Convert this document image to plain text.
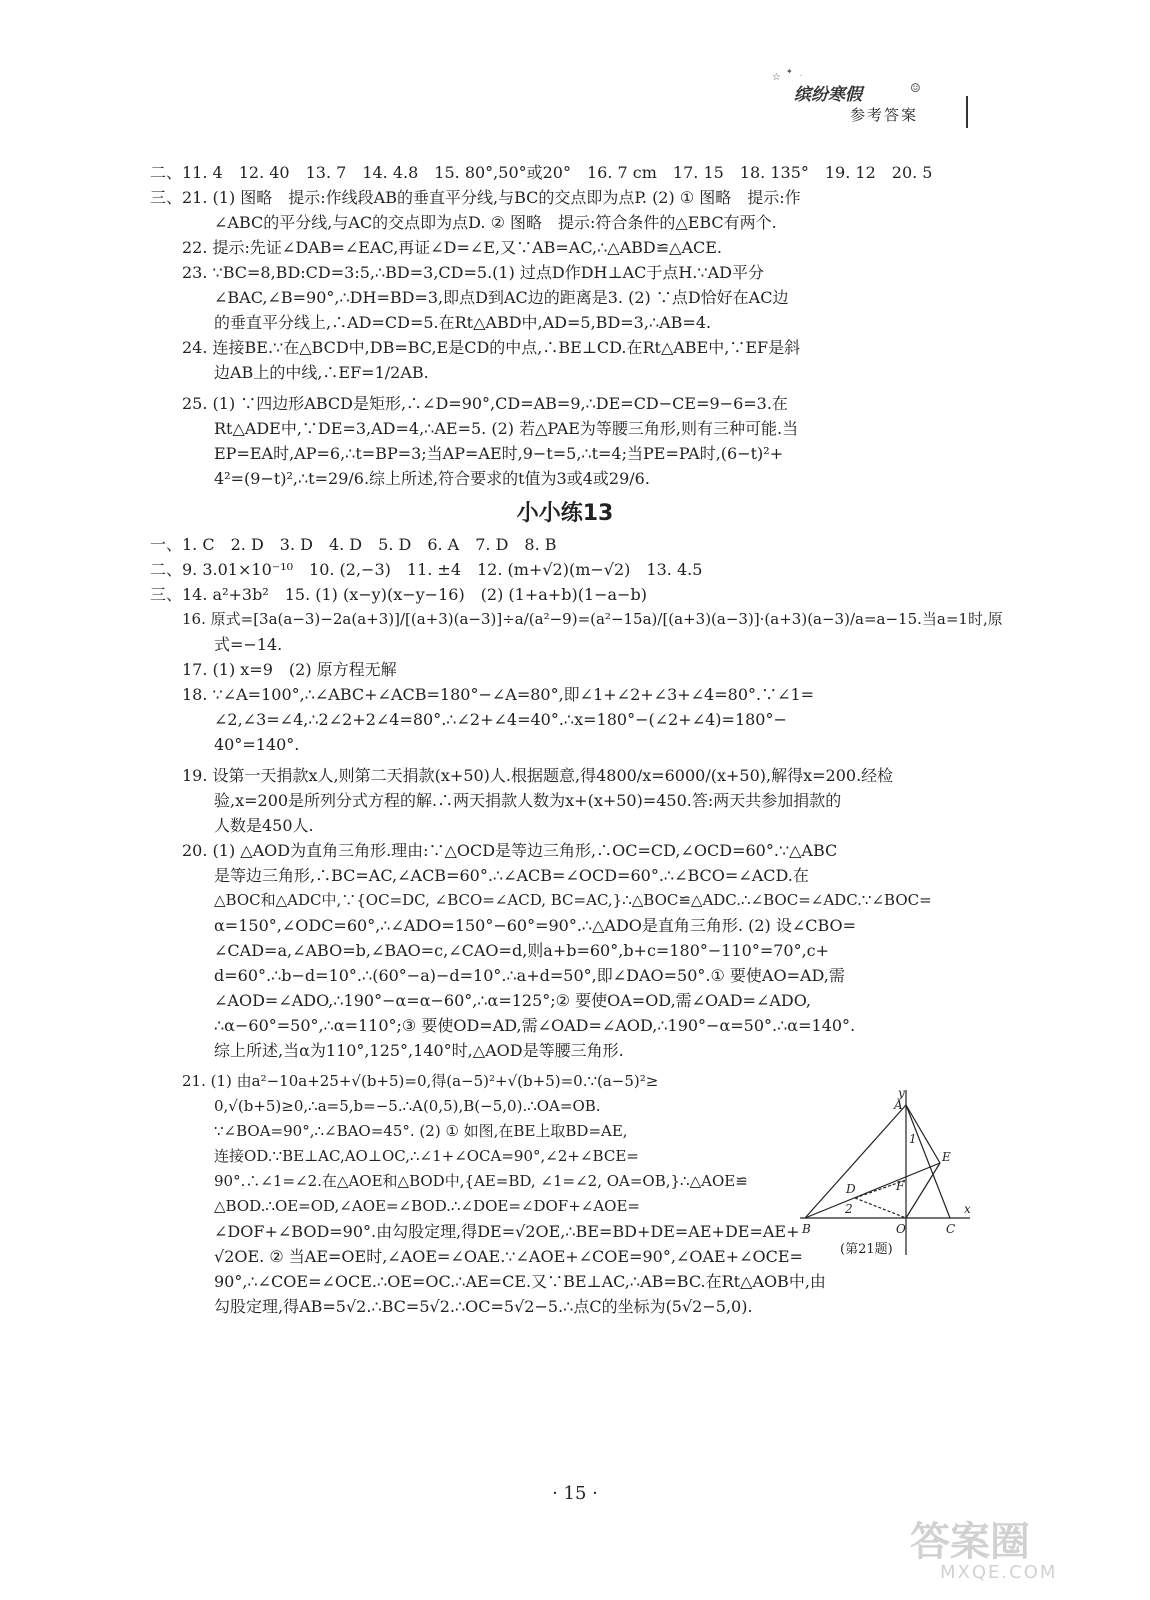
☆
✦
·
☺
缤纷寒假
参考答案
二、11. 4　12. 40　13. 7　14. 4.8　15. 80°,50°或20°　16. 7 cm　17. 15　18. 135°　19. 12　20. 5
三、21. (1) 图略　提示:作线段AB的垂直平分线,与BC的交点即为点P. (2) ① 图略　提示:作
∠ABC的平分线,与AC的交点即为点D. ② 图略　提示:符合条件的△EBC有两个.
22. 提示:先证∠DAB=∠EAC,再证∠D=∠E,又∵AB=AC,∴△ABD≌△ACE.
23. ∵BC=8,BD:CD=3:5,∴BD=3,CD=5.(1) 过点D作DH⊥AC于点H.∵AD平分
∠BAC,∠B=90°,∴DH=BD=3,即点D到AC边的距离是3. (2) ∵点D恰好在AC边
的垂直平分线上,∴AD=CD=5.在Rt△ABD中,AD=5,BD=3,∴AB=4.
24. 连接BE.∵在△BCD中,DB=BC,E是CD的中点,∴BE⊥CD.在Rt△ABE中,∵EF是斜
边AB上的中线,∴EF=1/2AB.
25. (1) ∵四边形ABCD是矩形,∴∠D=90°,CD=AB=9,∴DE=CD−CE=9−6=3.在
Rt△ADE中,∵DE=3,AD=4,∴AE=5. (2) 若△PAE为等腰三角形,则有三种可能.当
EP=EA时,AP=6,∴t=BP=3;当AP=AE时,9−t=5,∴t=4;当PE=PA时,(6−t)²+
4²=(9−t)²,∴t=29/6.综上所述,符合要求的t值为3或4或29/6.
小小练13
一、1. C　2. D　3. D　4. D　5. D　6. A　7. D　8. B
二、9. 3.01×10⁻¹⁰　10. (2,−3)　11. ±4　12. (m+√2)(m−√2)　13. 4.5
三、14. a²+3b²　15. (1) (x−y)(x−y−16)　(2) (1+a+b)(1−a−b)
16. 原式=[3a(a−3)−2a(a+3)]/[(a+3)(a−3)]÷a/(a²−9)=(a²−15a)/[(a+3)(a−3)]·(a+3)(a−3)/a=a−15.当a=1时,原
式=−14.
17. (1) x=9　(2) 原方程无解
18. ∵∠A=100°,∴∠ABC+∠ACB=180°−∠A=80°,即∠1+∠2+∠3+∠4=80°.∵∠1=
∠2,∠3=∠4,∴2∠2+2∠4=80°.∴∠2+∠4=40°.∴x=180°−(∠2+∠4)=180°−
40°=140°.
19. 设第一天捐款x人,则第二天捐款(x+50)人.根据题意,得4800/x=6000/(x+50),解得x=200.经检
验,x=200是所列分式方程的解.∴两天捐款人数为x+(x+50)=450.答:两天共参加捐款的
人数是450人.
20. (1) △AOD为直角三角形.理由:∵△OCD是等边三角形,∴OC=CD,∠OCD=60°.∵△ABC
是等边三角形,∴BC=AC,∠ACB=60°.∴∠ACB=∠OCD=60°.∴∠BCO=∠ACD.在
△BOC和△ADC中,∵{OC=DC, ∠BCO=∠ACD, BC=AC,}∴△BOC≌△ADC.∴∠BOC=∠ADC.∵∠BOC=
α=150°,∠ODC=60°,∴∠ADO=150°−60°=90°.∴△ADO是直角三角形. (2) 设∠CBO=
∠CAD=a,∠ABO=b,∠BAO=c,∠CAO=d,则a+b=60°,b+c=180°−110°=70°,c+
d=60°.∴b−d=10°.∴(60°−a)−d=10°.∴a+d=50°,即∠DAO=50°.① 要使AO=AD,需
∠AOD=∠ADO,∴190°−α=α−60°,∴α=125°;② 要使OA=OD,需∠OAD=∠ADO,
∴α−60°=50°,∴α=110°;③ 要使OD=AD,需∠OAD=∠AOD,∴190°−α=50°.∴α=140°.
综上所述,当α为110°,125°,140°时,△AOD是等腰三角形.
21. (1) 由a²−10a+25+√(b+5)=0,得(a−5)²+√(b+5)=0.∵(a−5)²≥
0,√(b+5)≥0,∴a=5,b=−5.∴A(0,5),B(−5,0).∴OA=OB.
∵∠BOA=90°,∴∠BAO=45°. (2) ① 如图,在BE上取BD=AE,
连接OD.∵BE⊥AC,AO⊥OC,∴∠1+∠OCA=90°,∠2+∠BCE=
90°.∴∠1=∠2.在△AOE和△BOD中,{AE=BD, ∠1=∠2, OA=OB,}∴△AOE≌
△BOD.∴OE=OD,∠AOE=∠BOD.∴∠DOE=∠DOF+∠AOE=
∠DOF+∠BOD=90°.由勾股定理,得DE=√2OE,∴BE=BD+DE=AE+DE=AE+
√2OE. ② 当AE=OE时,∠AOE=∠OAE.∵∠AOE+∠COE=90°,∠OAE+∠OCE=
90°,∴∠COE=∠OCE.∴OE=OC.∴AE=CE.又∵BE⊥AC,∴AB=BC.在Rt△AOB中,由
勾股定理,得AB=5√2.∴BC=5√2.∴OC=5√2−5.∴点C的坐标为(5√2−5,0).
y
A
1
E
D	F
2	x
B	O	C
(第21题)
· 15 ·
答案圈
MXQE.COM
